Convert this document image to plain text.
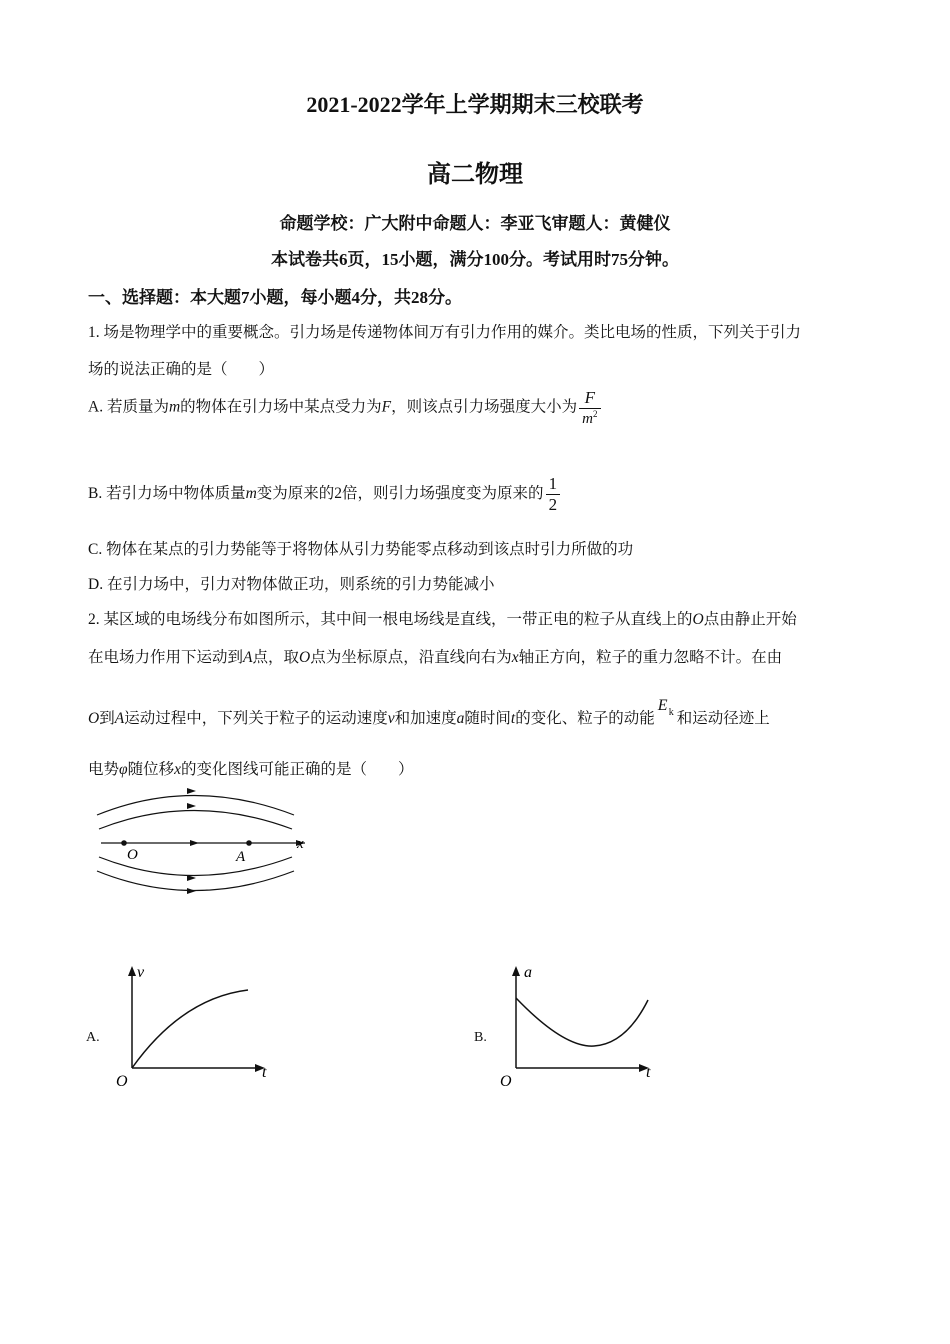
2021-2022学年上学期期末三校联考
高二物理
命题学校：广大附中命题人：李亚飞审题人：黄健仪
本试卷共6页，15小题，满分100分。考试用时75分钟。
一、选择题：本大题7小题，每小题4分，共28分。
1. 场是物理学中的重要概念。引力场是传递物体间万有引力作用的媒介。类比电场的性质，下列关于引力
场的说法正确的是（　　）
A. 若质量为m的物体在引力场中某点受力为F，则该点引力场强度大小为 $\frac{F}{m^2}$
B. 若引力场中物体质量m变为原来的2倍，则引力场强度变为原来的 $\frac{1}{2}$
C. 物体在某点的引力势能等于将物体从引力势能零点移动到该点时引力所做的功
D. 在引力场中，引力对物体做正功，则系统的引力势能减小
2. 某区域的电场线分布如图所示，其中间一根电场线是直线，一带正电的粒子从直线上的O点由静止开始
在电场力作用下运动到A点，取O点为坐标原点，沿直线向右为x轴正方向，粒子的重力忽略不计。在由
O到A运动过程中，下列关于粒子的运动速度v和加速度a随时间t的变化、粒子的动能
E k 和运动径迹上
电势φ随位移x的变化图线可能正确的是（　　）
O	A
x
A.
v
t
O
B.
a
t
O
